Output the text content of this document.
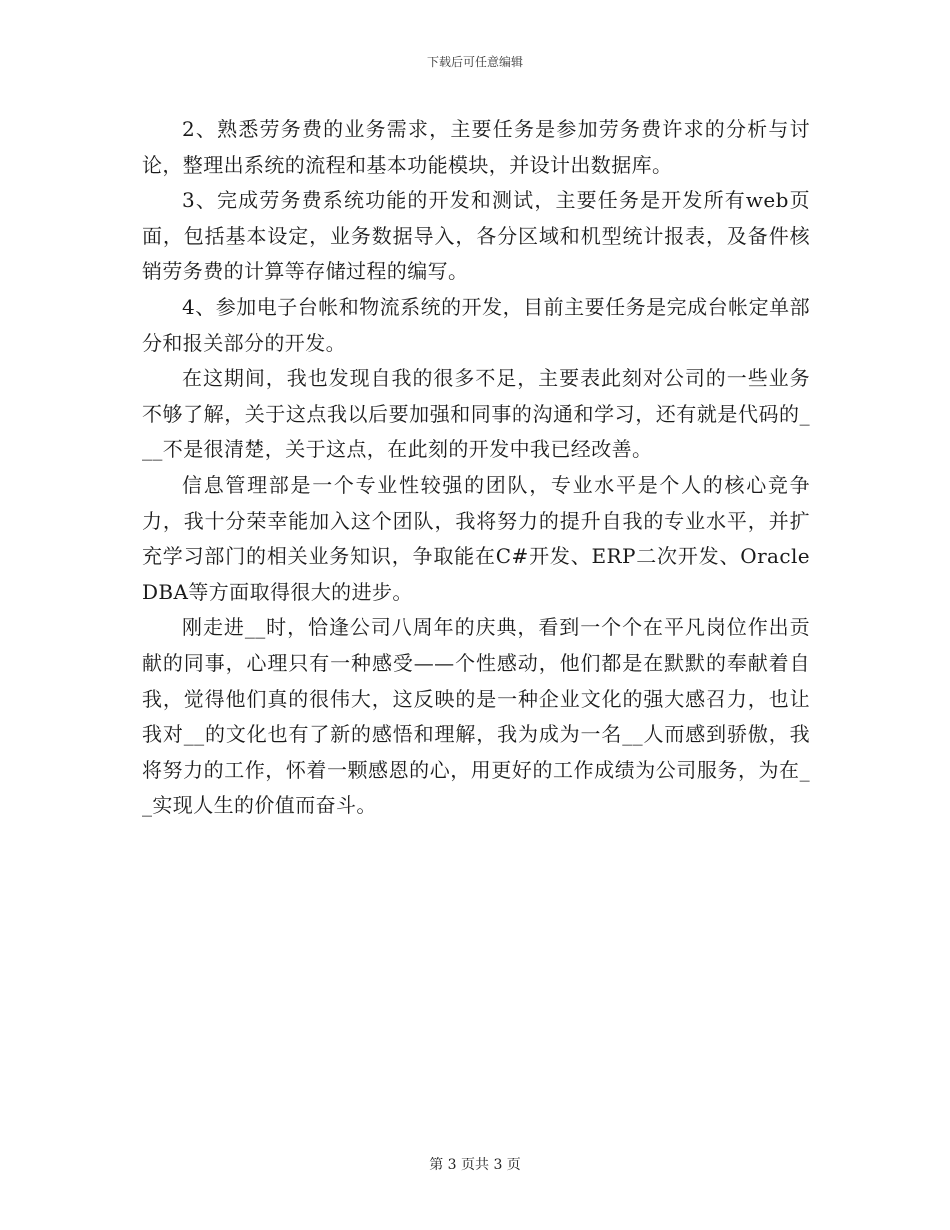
下载后可任意编辑

2、熟悉劳务费的业务需求，主要任务是参加劳务费许求的分析与讨论，整理出系统的流程和基本功能模块，并设计出数据库。

3、完成劳务费系统功能的开发和测试，主要任务是开发所有web页面，包括基本设定，业务数据导入，各分区域和机型统计报表，及备件核销劳务费的计算等存储过程的编写。

4、参加电子台帐和物流系统的开发，目前主要任务是完成台帐定单部分和报关部分的开发。

在这期间，我也发现自我的很多不足，主要表此刻对公司的一些业务不够了解，关于这点我以后要加强和同事的沟通和学习，还有就是代码的___不是很清楚，关于这点，在此刻的开发中我已经改善。

信息管理部是一个专业性较强的团队，专业水平是个人的核心竞争力，我十分荣幸能加入这个团队，我将努力的提升自我的专业水平，并扩充学习部门的相关业务知识，争取能在C#开发、ERP二次开发、OracleDBA等方面取得很大的进步。

刚走进__时，恰逢公司八周年的庆典，看到一个个在平凡岗位作出贡献的同事，心理只有一种感受——个性感动，他们都是在默默的奉献着自我，觉得他们真的很伟大，这反映的是一种企业文化的强大感召力，也让我对__的文化也有了新的感悟和理解，我为成为一名__人而感到骄傲，我将努力的工作，怀着一颗感恩的心，用更好的工作成绩为公司服务，为在__实现人生的价值而奋斗。

第 3 页共 3 页
